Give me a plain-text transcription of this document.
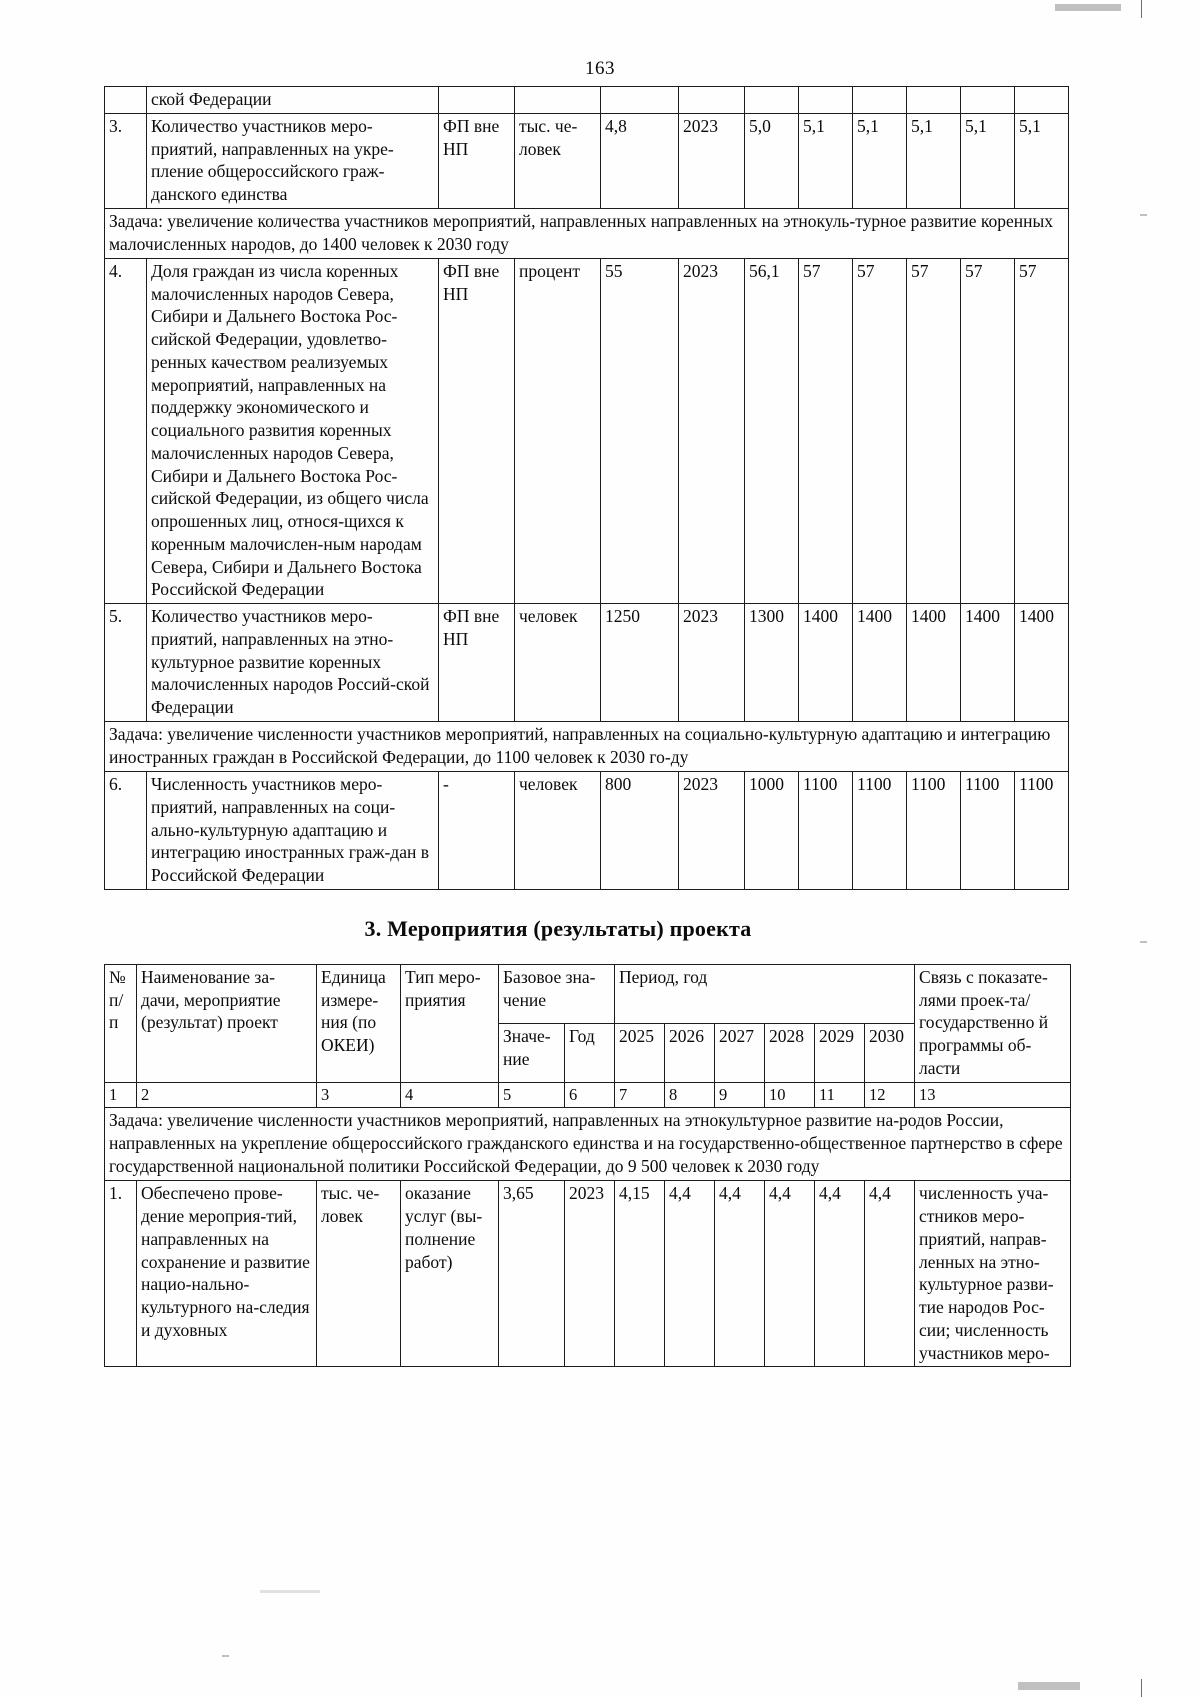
163
	ской Федерации										
3.	Количество участников меро-приятий, направленных на укре-пление общероссийского граж-данского единства	ФП вне НП	тыс. че-ловек	4,8	2023	5,0	5,1	5,1	5,1	5,1	5,1
Задача: увеличение количества участников мероприятий, направленных направленных на этнокуль-турное развитие коренных малочисленных народов, до 1400 человек к 2030 году											
4.	Доля граждан из числа коренных малочисленных народов Севера, Сибири и Дальнего Востока Рос-сийской Федерации, удовлетво-ренных качеством реализуемых мероприятий, направленных на поддержку экономического и социального развития коренных малочисленных народов Севера, Сибири и Дальнего Востока Рос-сийской Федерации, из общего числа опрошенных лиц, относя-щихся к коренным малочислен-ным народам Севера, Сибири и Дальнего Востока Российской Федерации	ФП вне НП	процент	55	2023	56,1	57	57	57	57	57
5.	Количество участников меро-приятий, направленных на этно-культурное развитие коренных малочисленных народов Россий-ской Федерации	ФП вне НП	человек	1250	2023	1300	1400	1400	1400	1400	1400
Задача: увеличение численности участников мероприятий, направленных на социально-культурную адаптацию и интеграцию иностранных граждан в Российской Федерации, до 1100 человек к 2030 го-ду											
6.	Численность участников меро-приятий, направленных на соци-ально-культурную адаптацию и интеграцию иностранных граж-дан в Российской Федерации	-	человек	800	2023	1000	1100	1100	1100	1100	1100
3. Мероприятия (результаты) проекта
№ п/п	Наименование за-дачи, мероприятие (результат) проект	Единица измере-ния (по ОКЕИ)	Тип меро-приятия	Базовое зна-чение		Период, год						Связь с показате-лями проек-та/государственно й программы об-ласти
				Значе-ние	Год	2025	2026	2027	2028	2029	2030	
1	2	3	4	5	6	7	8	9	10	11	12	13
Задача: увеличение численности участников мероприятий, направленных на этнокультурное развитие на-родов России, направленных на укрепление общероссийского гражданского единства и на государственно-общественное партнерство в сфере государственной национальной политики Российской Федерации, до 9 500 человек к 2030 году												
1.	Обеспечено прове-дение мероприя-тий, направленных на сохранение и развитие нацио-нально-культурного на-следия и духовных	тыс. че-ловек	оказание услуг (вы-полнение работ)	3,65	2023	4,15	4,4	4,4	4,4	4,4	4,4	численность уча-стников меро-приятий, направ-ленных на этно-культурное разви-тие народов Рос-сии; численность участников меро-
